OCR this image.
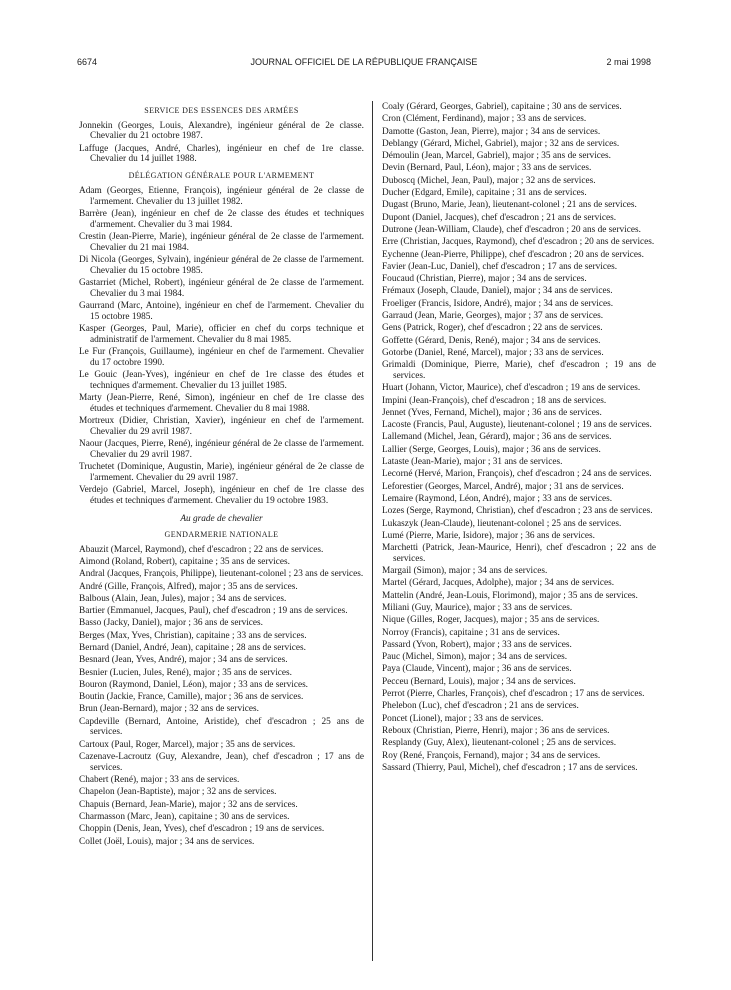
6674	JOURNAL OFFICIEL DE LA RÉPUBLIQUE FRANÇAISE	2 mai 1998
SERVICE DES ESSENCES DES ARMÉES

Jonnekin (Georges, Louis, Alexandre), ingénieur général de 2e classe. Chevalier du 21 octobre 1987.

Laffuge (Jacques, André, Charles), ingénieur en chef de 1re classe. Chevalier du 14 juillet 1988.

DÉLÉGATION GÉNÉRALE POUR L'ARMEMENT

Adam (Georges, Etienne, François), ingénieur général de 2e classe de l'armement. Chevalier du 13 juillet 1982.

Barrère (Jean), ingénieur en chef de 2e classe des études et techniques d'armement. Chevalier du 3 mai 1984.

Crestin (Jean-Pierre, Marie), ingénieur général de 2e classe de l'armement. Chevalier du 21 mai 1984.

Di Nicola (Georges, Sylvain), ingénieur général de 2e classe de l'armement. Chevalier du 15 octobre 1985.

Gastarriet (Michel, Robert), ingénieur général de 2e classe de l'armement. Chevalier du 3 mai 1984.

Gaurrand (Marc, Antoine), ingénieur en chef de l'armement. Chevalier du 15 octobre 1985.

Kasper (Georges, Paul, Marie), officier en chef du corps technique et administratif de l'armement. Chevalier du 8 mai 1985.

Le Fur (François, Guillaume), ingénieur en chef de l'armement. Chevalier du 17 octobre 1990.

Le Gouic (Jean-Yves), ingénieur en chef de 1re classe des études et techniques d'armement. Chevalier du 13 juillet 1985.

Marty (Jean-Pierre, René, Simon), ingénieur en chef de 1re classe des études et techniques d'armement. Chevalier du 8 mai 1988.

Mortreux (Didier, Christian, Xavier), ingénieur en chef de l'armement. Chevalier du 29 avril 1987.

Naour (Jacques, Pierre, René), ingénieur général de 2e classe de l'armement. Chevalier du 29 avril 1987.

Truchetet (Dominique, Augustin, Marie), ingénieur général de 2e classe de l'armement. Chevalier du 29 avril 1987.

Verdejo (Gabriel, Marcel, Joseph), ingénieur en chef de 1re classe des études et techniques d'armement. Chevalier du 19 octobre 1983.

Au grade de chevalier
GENDARMERIE NATIONALE

Abauzit (Marcel, Raymond), chef d'escadron ; 22 ans de services.

Aimond (Roland, Robert), capitaine ; 35 ans de services.

Andral (Jacques, François, Philippe), lieutenant-colonel ; 23 ans de services.

André (Gille, François, Alfred), major ; 35 ans de services.

Balbous (Alain, Jean, Jules), major ; 34 ans de services.

Bartier (Emmanuel, Jacques, Paul), chef d'escadron ; 19 ans de services.

Basso (Jacky, Daniel), major ; 36 ans de services.

Berges (Max, Yves, Christian), capitaine ; 33 ans de services.

Bernard (Daniel, André, Jean), capitaine ; 28 ans de services.

Besnard (Jean, Yves, André), major ; 34 ans de services.

Besnier (Lucien, Jules, René), major ; 35 ans de services.

Bouron (Raymond, Daniel, Léon), major ; 33 ans de services.

Boutin (Jackie, France, Camille), major ; 36 ans de services.

Brun (Jean-Bernard), major ; 32 ans de services.

Capdeville (Bernard, Antoine, Aristide), chef d'escadron ; 25 ans de services.

Cartoux (Paul, Roger, Marcel), major ; 35 ans de services.

Cazenave-Lacroutz (Guy, Alexandre, Jean), chef d'escadron ; 17 ans de services.

Chabert (René), major ; 33 ans de services.

Chapelon (Jean-Baptiste), major ; 32 ans de services.

Chapuis (Bernard, Jean-Marie), major ; 32 ans de services.

Charmasson (Marc, Jean), capitaine ; 30 ans de services.

Choppin (Denis, Jean, Yves), chef d'escadron ; 19 ans de services.

Collet (Joël, Louis), major ; 34 ans de services.

Coaly (Gérard, Georges, Gabriel), capitaine ; 30 ans de services.

Cron (Clément, Ferdinand), major ; 33 ans de services.

Damotte (Gaston, Jean, Pierre), major ; 34 ans de services.

Deblangy (Gérard, Michel, Gabriel), major ; 32 ans de services.

Démoulin (Jean, Marcel, Gabriel), major ; 35 ans de services.

Devin (Bernard, Paul, Léon), major ; 33 ans de services.

Duboscq (Michel, Jean, Paul), major ; 32 ans de services.

Ducher (Edgard, Emile), capitaine ; 31 ans de services.

Dugast (Bruno, Marie, Jean), lieutenant-colonel ; 21 ans de services.

Dupont (Daniel, Jacques), chef d'escadron ; 21 ans de services.

Dutrone (Jean-William, Claude), chef d'escadron ; 20 ans de services.

Erre (Christian, Jacques, Raymond), chef d'escadron ; 20 ans de services.

Eychenne (Jean-Pierre, Philippe), chef d'escadron ; 20 ans de services.

Favier (Jean-Luc, Daniel), chef d'escadron ; 17 ans de services.

Foucaud (Christian, Pierre), major ; 34 ans de services.

Frémaux (Joseph, Claude, Daniel), major ; 34 ans de services.

Froeliger (Francis, Isidore, André), major ; 34 ans de services.

Garraud (Jean, Marie, Georges), major ; 37 ans de services.

Gens (Patrick, Roger), chef d'escadron ; 22 ans de services.

Goffette (Gérard, Denis, René), major ; 34 ans de services.

Gotorbe (Daniel, René, Marcel), major ; 33 ans de services.

Grimaldi (Dominique, Pierre, Marie), chef d'escadron ; 19 ans de services.

Huart (Johann, Victor, Maurice), chef d'escadron ; 19 ans de services.

Impini (Jean-François), chef d'escadron ; 18 ans de services.

Jennet (Yves, Fernand, Michel), major ; 36 ans de services.

Lacoste (Francis, Paul, Auguste), lieutenant-colonel ; 19 ans de services.

Lallemand (Michel, Jean, Gérard), major ; 36 ans de services.

Lallier (Serge, Georges, Louis), major ; 36 ans de services.

Lataste (Jean-Marie), major ; 31 ans de services.

Lecorné (Hervé, Marion, François), chef d'escadron ; 24 ans de services.

Leforestier (Georges, Marcel, André), major ; 31 ans de services.

Lemaire (Raymond, Léon, André), major ; 33 ans de services.

Lozes (Serge, Raymond, Christian), chef d'escadron ; 23 ans de services.

Lukaszyk (Jean-Claude), lieutenant-colonel ; 25 ans de services.

Lumé (Pierre, Marie, Isidore), major ; 36 ans de services.

Marchetti (Patrick, Jean-Maurice, Henri), chef d'escadron ; 22 ans de services.

Margail (Simon), major ; 34 ans de services.

Martel (Gérard, Jacques, Adolphe), major ; 34 ans de services.

Mattelin (André, Jean-Louis, Florimond), major ; 35 ans de services.

Miliani (Guy, Maurice), major ; 33 ans de services.

Nique (Gilles, Roger, Jacques), major ; 35 ans de services.

Norroy (Francis), capitaine ; 31 ans de services.

Passard (Yvon, Robert), major ; 33 ans de services.

Pauc (Michel, Simon), major ; 34 ans de services.

Paya (Claude, Vincent), major ; 36 ans de services.

Pecceu (Bernard, Louis), major ; 34 ans de services.

Perrot (Pierre, Charles, François), chef d'escadron ; 17 ans de services.

Phelebon (Luc), chef d'escadron ; 21 ans de services.

Poncet (Lionel), major ; 33 ans de services.

Reboux (Christian, Pierre, Henri), major ; 36 ans de services.

Resplandy (Guy, Alex), lieutenant-colonel ; 25 ans de services.

Roy (René, François, Fernand), major ; 34 ans de services.

Sassard (Thierry, Paul, Michel), chef d'escadron ; 17 ans de services.
